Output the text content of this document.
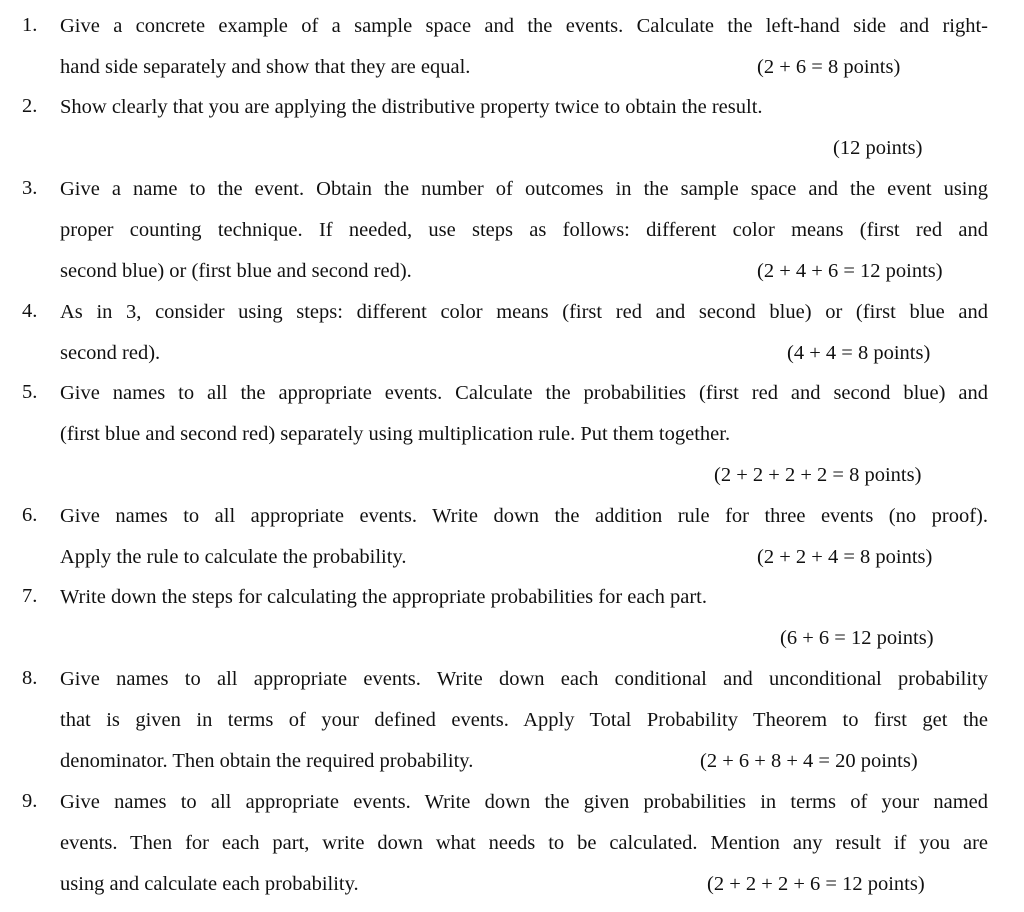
1.	Give a concrete example of a sample space and the events. Calculate the left-hand side and right-
hand side separately and show that they are equal.	(2 + 6 = 8 points)
2.	Show clearly that you are applying the distributive property twice to obtain the result.
(12 points)
3.	Give a name to the event. Obtain the number of outcomes in the sample space and the event using
proper counting technique. If needed, use steps as follows: different color means (first red and
second blue) or (first blue and second red).	(2 + 4 + 6 = 12 points)
4.	As in 3, consider using steps: different color means (first red and second blue) or (first blue and
second red).	(4 + 4 = 8 points)
5.	Give names to all the appropriate events. Calculate the probabilities (first red and second blue) and
(first blue and second red) separately using multiplication rule. Put them together.
(2 + 2 + 2 + 2 = 8 points)
6.	Give names to all appropriate events. Write down the addition rule for three events (no proof).
Apply the rule to calculate the probability.	(2 + 2 + 4 = 8 points)
7.	Write down the steps for calculating the appropriate probabilities for each part.
(6 + 6 = 12 points)
8.	Give names to all appropriate events. Write down each conditional and unconditional probability
that is given in terms of your defined events. Apply Total Probability Theorem to first get the
denominator. Then obtain the required probability.	(2 + 6 + 8 + 4 = 20 points)
9.	Give names to all appropriate events. Write down the given probabilities in terms of your named
events. Then for each part, write down what needs to be calculated. Mention any result if you are
using and calculate each probability.	(2 + 2 + 2 + 6 = 12 points)
